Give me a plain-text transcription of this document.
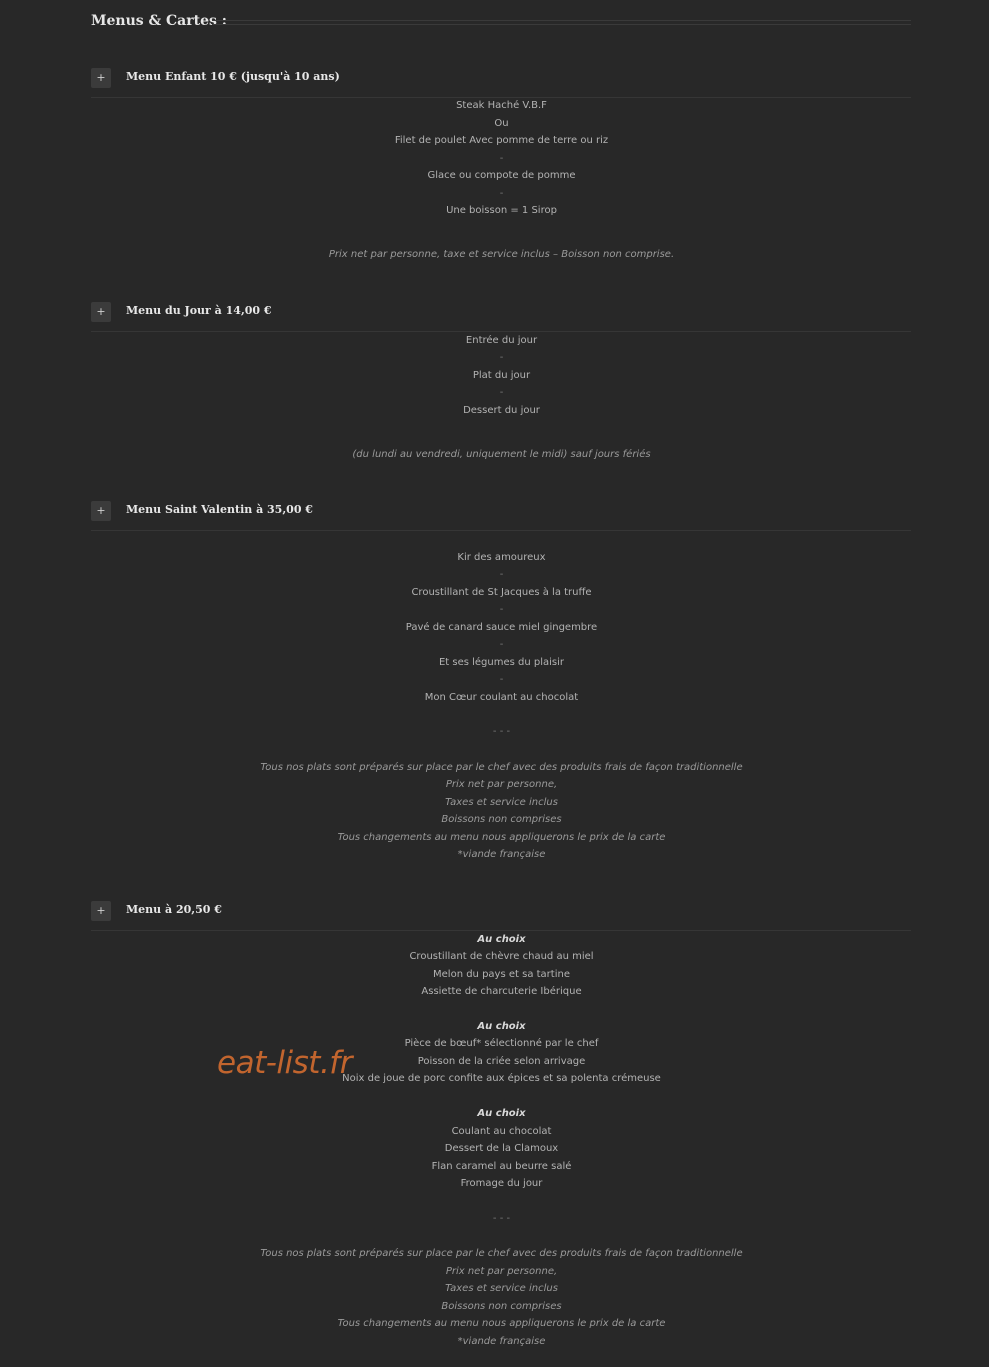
Menus & Cartes :
+	Menu Enfant 10 € (jusqu'à 10 ans)
Steak Haché V.B.F
Ou
Filet de poulet Avec pomme de terre ou riz
-
Glace ou compote de pomme
-
Une boisson = 1 Sirop
Prix net par personne, taxe et service inclus – Boisson non comprise.
+	Menu du Jour à 14,00 €
Entrée du jour
-
Plat du jour
-
Dessert du jour
(du lundi au vendredi, uniquement le midi) sauf jours fériés
+	Menu Saint Valentin à 35,00 €
Kir des amoureux
-
Croustillant de St Jacques à la truffe
-
Pavé de canard sauce miel gingembre
-
Et ses légumes du plaisir
-
Mon Cœur coulant au chocolat
- - -
Tous nos plats sont préparés sur place par le chef avec des produits frais de façon traditionnelle
Prix net par personne,
Taxes et service inclus
Boissons non comprises
Tous changements au menu nous appliquerons le prix de la carte
*viande française
+	Menu à 20,50 €
Au choix
Croustillant de chèvre chaud au miel
Melon du pays et sa tartine
Assiette de charcuterie Ibérique
Au choix
Pièce de bœuf* sélectionné par le chef
Poisson de la criée selon arrivage
Noix de joue de porc confite aux épices et sa polenta crémeuse
Au choix
Coulant au chocolat
Dessert de la Clamoux
Flan caramel au beurre salé
Fromage du jour
- - -
Tous nos plats sont préparés sur place par le chef avec des produits frais de façon traditionnelle
Prix net par personne,
Taxes et service inclus
Boissons non comprises
Tous changements au menu nous appliquerons le prix de la carte
*viande française
eat-list.fr
